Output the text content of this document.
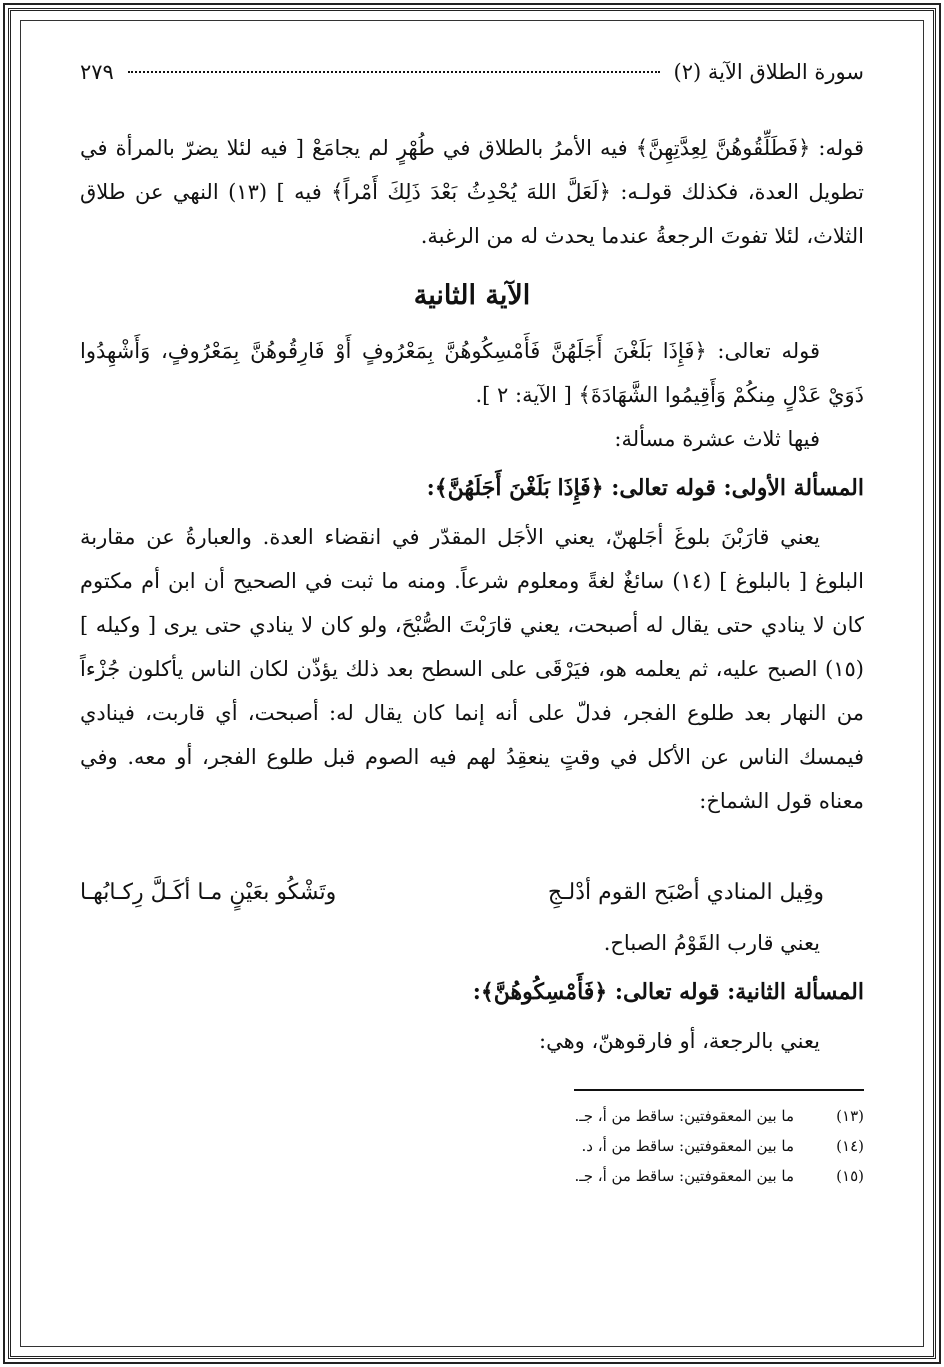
سورة الطلاق الآية (٢)
٢٧٩

قوله: ﴿فَطَلِّقُوهُنَّ لِعِدَّتِهِنَّ﴾ فيه الأمرُ بالطلاق في طُهْرٍ لم يجامَعْ [ فيه لئلا يضرّ بالمرأة في تطويل العدة، فكذلك قولـه: ﴿لَعَلَّ اللهَ يُحْدِثُ بَعْدَ ذَلِكَ أَمْراً﴾ فيه ] (١٣) النهي عن طلاق الثلاث، لئلا تفوتَ الرجعةُ عندما يحدث له من الرغبة.

الآية الثانية

قوله تعالى: ﴿فَإِذَا بَلَغْنَ أَجَلَهُنَّ فَأَمْسِكُوهُنَّ بِمَعْرُوفٍ أَوْ فَارِقُوهُنَّ بِمَعْرُوفٍ، وَأَشْهِدُوا ذَوَيْ عَدْلٍ مِنكُمْ وَأَقِيمُوا الشَّهَادَةَ﴾ [ الآية: ٢ ].

فيها ثلاث عشرة مسألة:

المسألة الأولى: قوله تعالى: ﴿فَإِذَا بَلَغْنَ أَجَلَهُنَّ﴾:

يعني قارَبْنَ بلوغَ أجَلهنّ، يعني الأجَل المقدّر في انقضاء العدة. والعبارةُ عن مقاربة البلوغ [ بالبلوغ ] (١٤) سائغٌ لغةً ومعلوم شرعاً. ومنه ما ثبت في الصحيح أن ابن أم مكتوم كان لا ينادي حتى يقال له أصبحت، يعني قارَبْتَ الصُّبْحَ، ولو كان لا ينادي حتى يرى [ وكيله ] (١٥) الصبح عليه، ثم يعلمه هو، فيَرْقَى على السطح بعد ذلك يؤذّن لكان الناس يأكلون جُزْءاً من النهار بعد طلوع الفجر، فدلّ على أنه إنما كان يقال له: أصبحت، أي قاربت، فينادي فيمسك الناس عن الأكل في وقتٍ ينعقِدُ لهم فيه الصوم قبل طلوع الفجر، أو معه. وفي معناه قول الشماخ:

وقِيل المنادي أصْبَح القوم أدْلـجِ
وتَشْكُو بعَيْنٍ مـا أكَـلَّ رِكـابُهـا

يعني قارب القَوْمُ الصباح.

المسألة الثانية: قوله تعالى: ﴿فَأَمْسِكُوهُنَّ﴾:

يعني بالرجعة، أو فارقوهنّ، وهي:

(١٣)
ما بين المعقوفتين: ساقط من أ، جـ.
(١٤)
ما بين المعقوفتين: ساقط من أ، د.
(١٥)
ما بين المعقوفتين: ساقط من أ، جـ.
